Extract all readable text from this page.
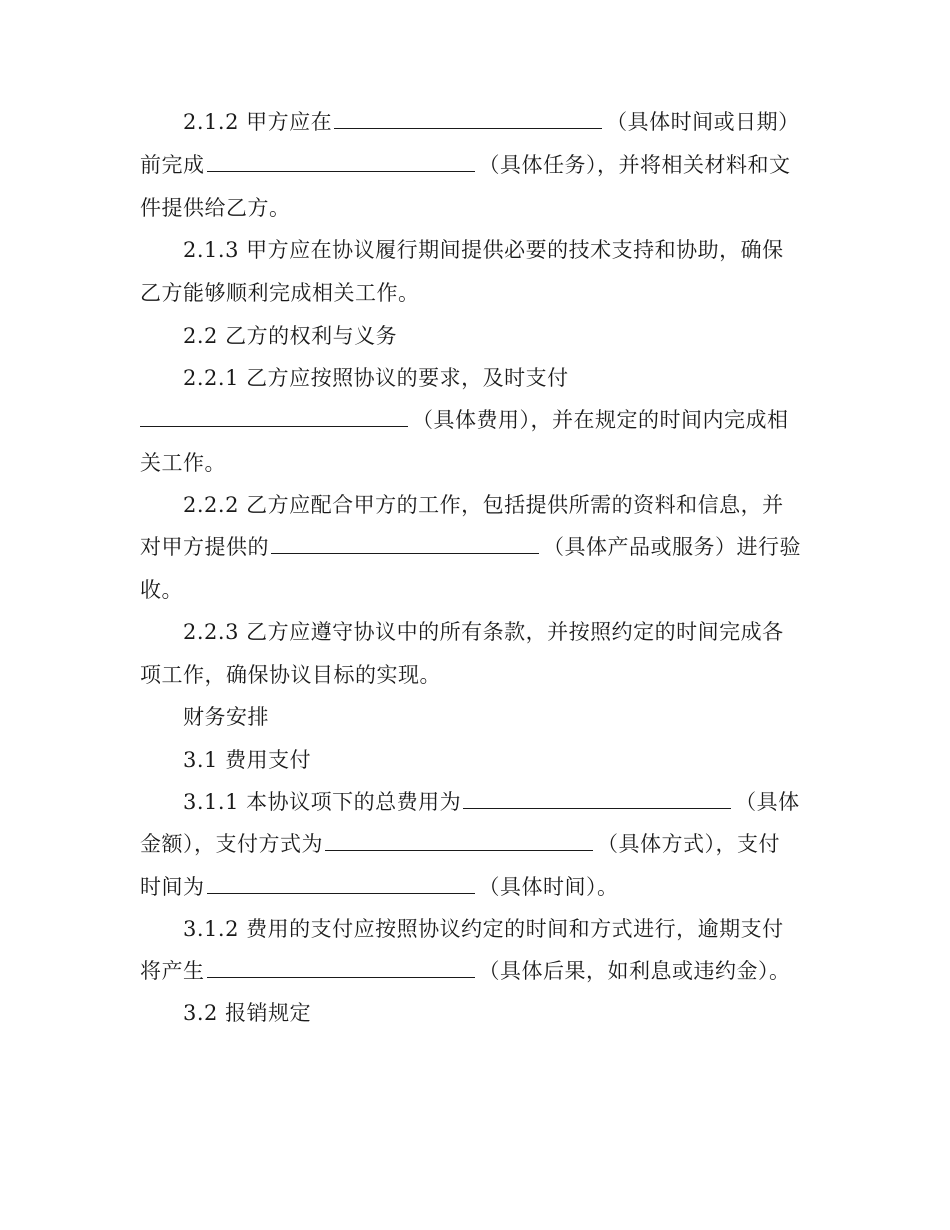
2.1.2 甲方应在	（具体时间或日期）
前完成	（具体任务），并将相关材料和文
件提供给乙方。
2.1.3 甲方应在协议履行期间提供必要的技术支持和协助，确保
乙方能够顺利完成相关工作。
2.2 乙方的权利与义务
2.2.1 乙方应按照协议的要求，及时支付
（具体费用），并在规定的时间内完成相
关工作。
2.2.2 乙方应配合甲方的工作，包括提供所需的资料和信息，并
对甲方提供的	（具体产品或服务）进行验
收。
2.2.3 乙方应遵守协议中的所有条款，并按照约定的时间完成各
项工作，确保协议目标的实现。
财务安排
3.1 费用支付
3.1.1 本协议项下的总费用为	（具体
金额），支付方式为	（具体方式），支付
时间为	（具体时间）。
3.1.2 费用的支付应按照协议约定的时间和方式进行，逾期支付
将产生	（具体后果，如利息或违约金）。
3.2 报销规定
